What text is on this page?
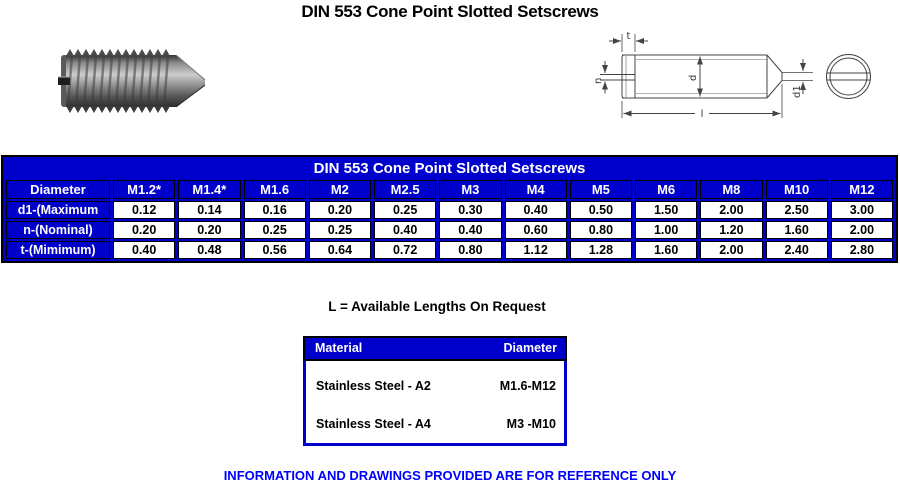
DIN 553 Cone Point Slotted Setscrews
t
n	d
d1
l
DIN 553 Cone Point Slotted Setscrews												
Diameter	M1.2*	M1.4*	M1.6	M2	M2.5	M3	M4	M5	M6	M8	M10	M12
d1-(Maximum	0.12	0.14	0.16	0.20	0.25	0.30	0.40	0.50	1.50	2.00	2.50	3.00
n-(Nominal)	0.20	0.20	0.25	0.25	0.40	0.40	0.60	0.80	1.00	1.20	1.60	2.00
t-(Mimimum)	0.40	0.48	0.56	0.64	0.72	0.80	1.12	1.28	1.60	2.00	2.40	2.80
L = Available Lengths On Request
Material	Diameter
Stainless Steel - A2	M1.6-M12
Stainless Steel - A4	M3 -M10
INFORMATION AND DRAWINGS PROVIDED ARE FOR REFERENCE ONLY
